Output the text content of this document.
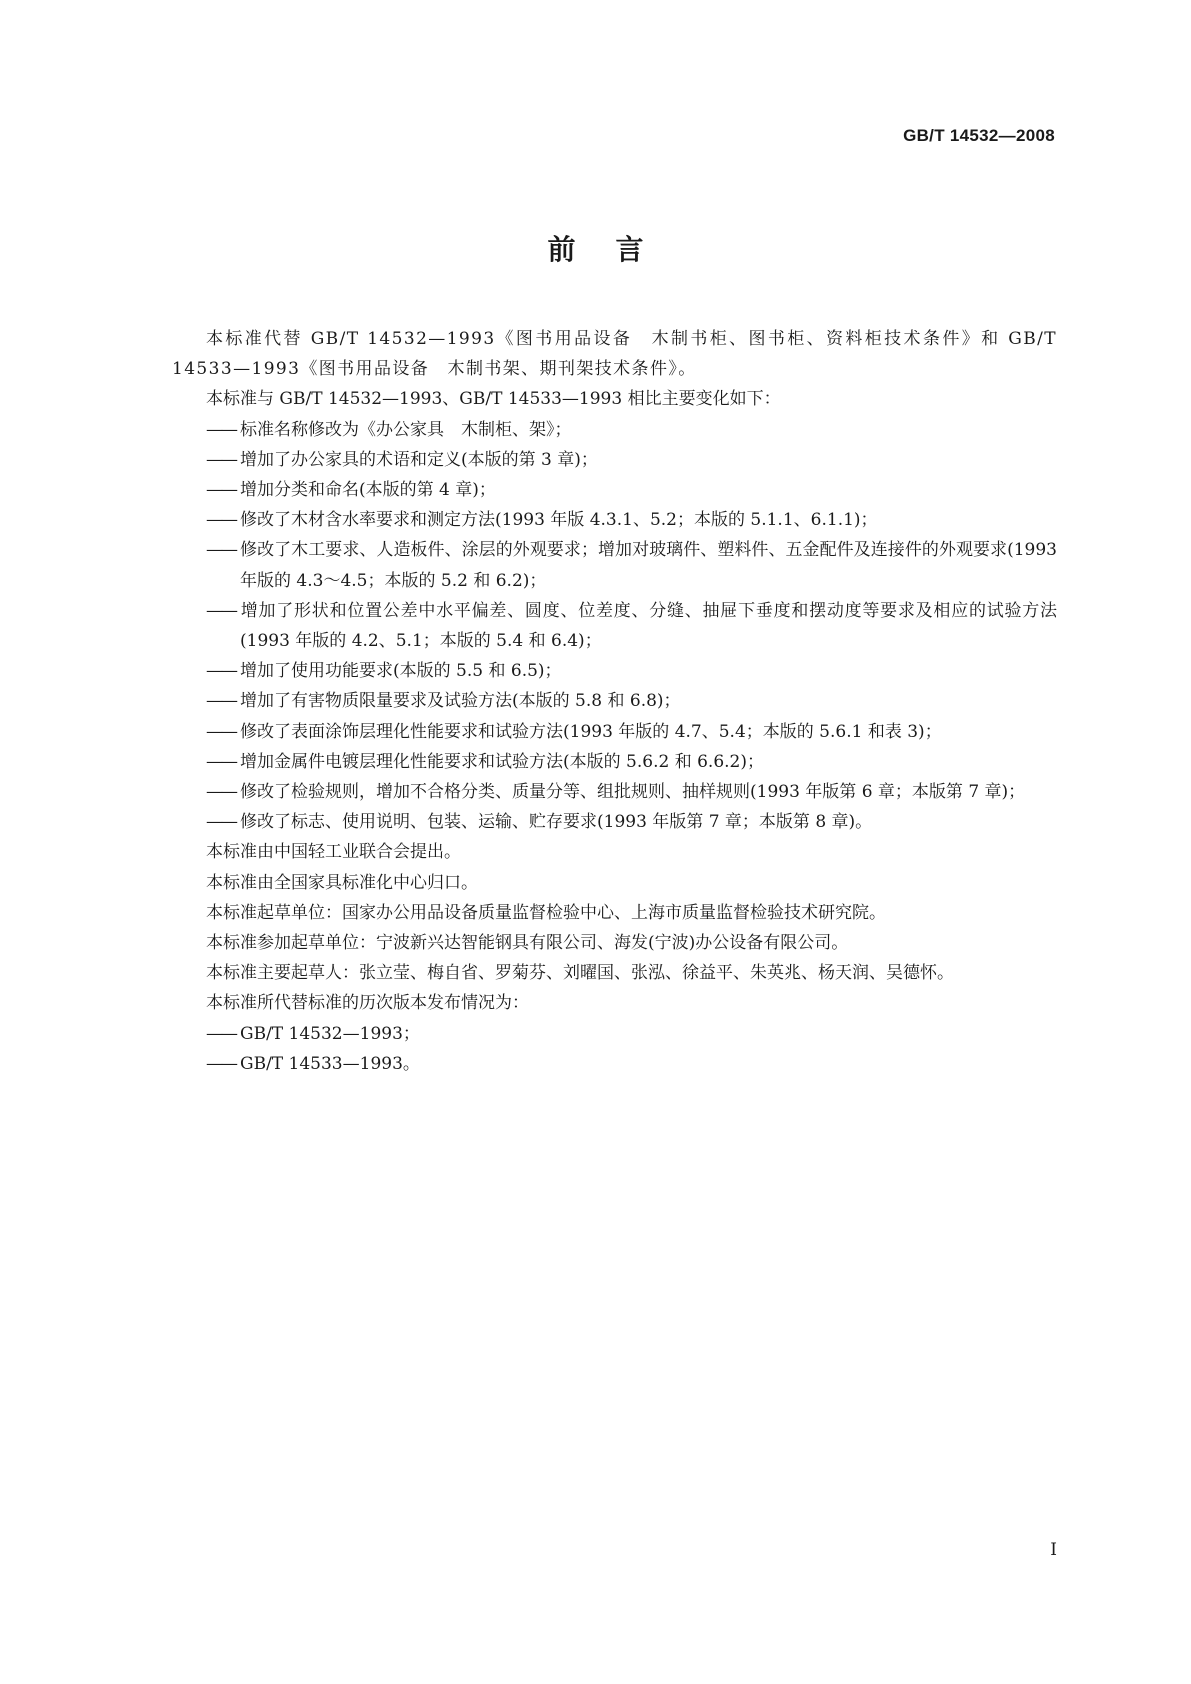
GB/T 14532—2008
前言

本标准代替 GB/T 14532—1993《图书用品设备　木制书柜、图书柜、资料柜技术条件》和 GB/T 14533—1993《图书用品设备　木制书架、期刊架技术条件》。

本标准与 GB/T 14532—1993、GB/T 14533—1993 相比主要变化如下：

—— 标准名称修改为《办公家具　木制柜、架》；

—— 增加了办公家具的术语和定义(本版的第 3 章)；

—— 增加分类和命名(本版的第 4 章)；

—— 修改了木材含水率要求和测定方法(1993 年版 4.3.1、5.2；本版的 5.1.1、6.1.1)；

—— 修改了木工要求、人造板件、涂层的外观要求；增加对玻璃件、塑料件、五金配件及连接件的外观要求(1993 年版的 4.3～4.5；本版的 5.2 和 6.2)；

—— 增加了形状和位置公差中水平偏差、圆度、位差度、分缝、抽屉下垂度和摆动度等要求及相应的试验方法(1993 年版的 4.2、5.1；本版的 5.4 和 6.4)；

—— 增加了使用功能要求(本版的 5.5 和 6.5)；

—— 增加了有害物质限量要求及试验方法(本版的 5.8 和 6.8)；

—— 修改了表面涂饰层理化性能要求和试验方法(1993 年版的 4.7、5.4；本版的 5.6.1 和表 3)；

—— 增加金属件电镀层理化性能要求和试验方法(本版的 5.6.2 和 6.6.2)；

—— 修改了检验规则，增加不合格分类、质量分等、组批规则、抽样规则(1993 年版第 6 章；本版第 7 章)；

—— 修改了标志、使用说明、包装、运输、贮存要求(1993 年版第 7 章；本版第 8 章)。

本标准由中国轻工业联合会提出。

本标准由全国家具标准化中心归口。

本标准起草单位：国家办公用品设备质量监督检验中心、上海市质量监督检验技术研究院。

本标准参加起草单位：宁波新兴达智能钢具有限公司、海发(宁波)办公设备有限公司。

本标准主要起草人：张立莹、梅自省、罗菊芬、刘曜国、张泓、徐益平、朱英兆、杨天润、吴德怀。

本标准所代替标准的历次版本发布情况为：

—— GB/T 14532—1993；

—— GB/T 14533—1993。

I
